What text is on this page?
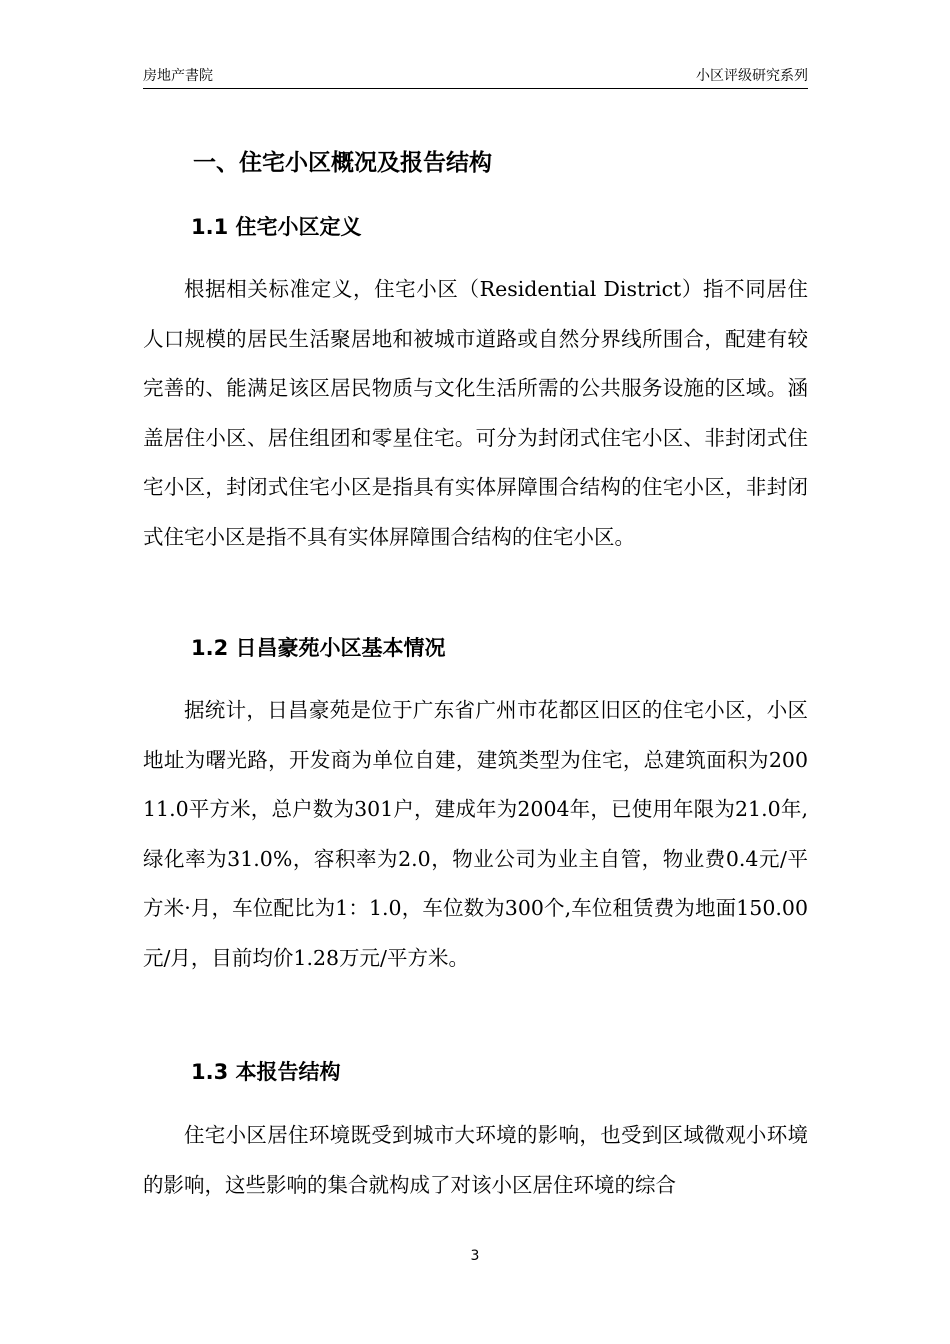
房地产書院	小区评级研究系列
一、住宅小区概况及报告结构
1.1 住宅小区定义

根据相关标准定义，住宅小区（Residential District）指不同居住人口规模的居民生活聚居地和被城市道路或自然分界线所围合，配建有较完善的、能满足该区居民物质与文化生活所需的公共服务设施的区域。涵盖居住小区、居住组团和零星住宅。可分为封闭式住宅小区、非封闭式住宅小区，封闭式住宅小区是指具有实体屏障围合结构的住宅小区，非封闭式住宅小区是指不具有实体屏障围合结构的住宅小区。

1.2 日昌豪苑小区基本情况

据统计，日昌豪苑是位于广东省广州市花都区旧区的住宅小区，小区地址为曙光路，开发商为单位自建，建筑类型为住宅，总建筑面积为20011.0平方米，总户数为301户，建成年为2004年，已使用年限为21.0年,绿化率为31.0%，容积率为2.0，物业公司为业主自管，物业费0.4元/平方米·月，车位配比为1：1.0，车位数为300个,车位租赁费为地面150.00元/月，目前均价1.28万元/平方米。

1.3 本报告结构

住宅小区居住环境既受到城市大环境的影响，也受到区域微观小环境的影响，这些影响的集合就构成了对该小区居住环境的综合

3
